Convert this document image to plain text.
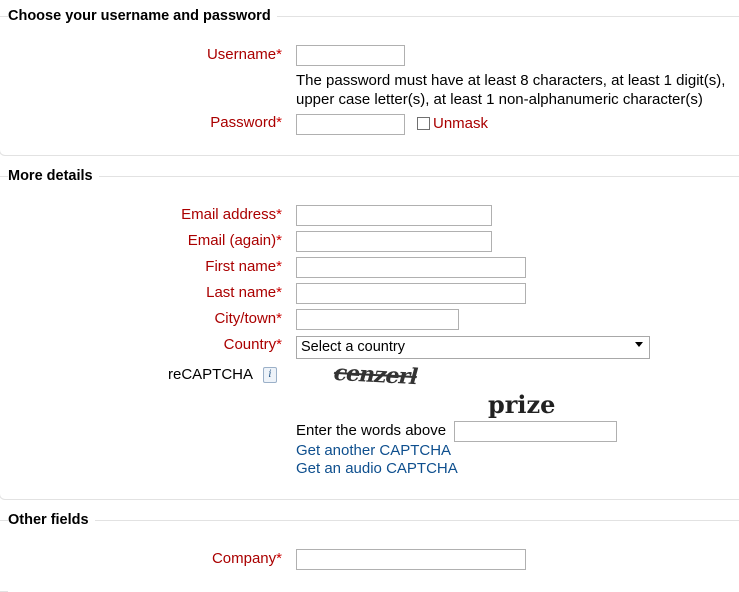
Choose your username and password
Username*
The password must have at least 8 characters, at least 1 digit(s),
upper case letter(s), at least 1 non-alphanumeric character(s)
Password*	Unmask
More details
Email address*
Email (again)*
First name*
Last name*
City/town*
Country*	Select a country
reCAPTCHA	i	cenzerl
prize
Enter the words above
Get another CAPTCHA
Get an audio CAPTCHA
Other fields
Company*
